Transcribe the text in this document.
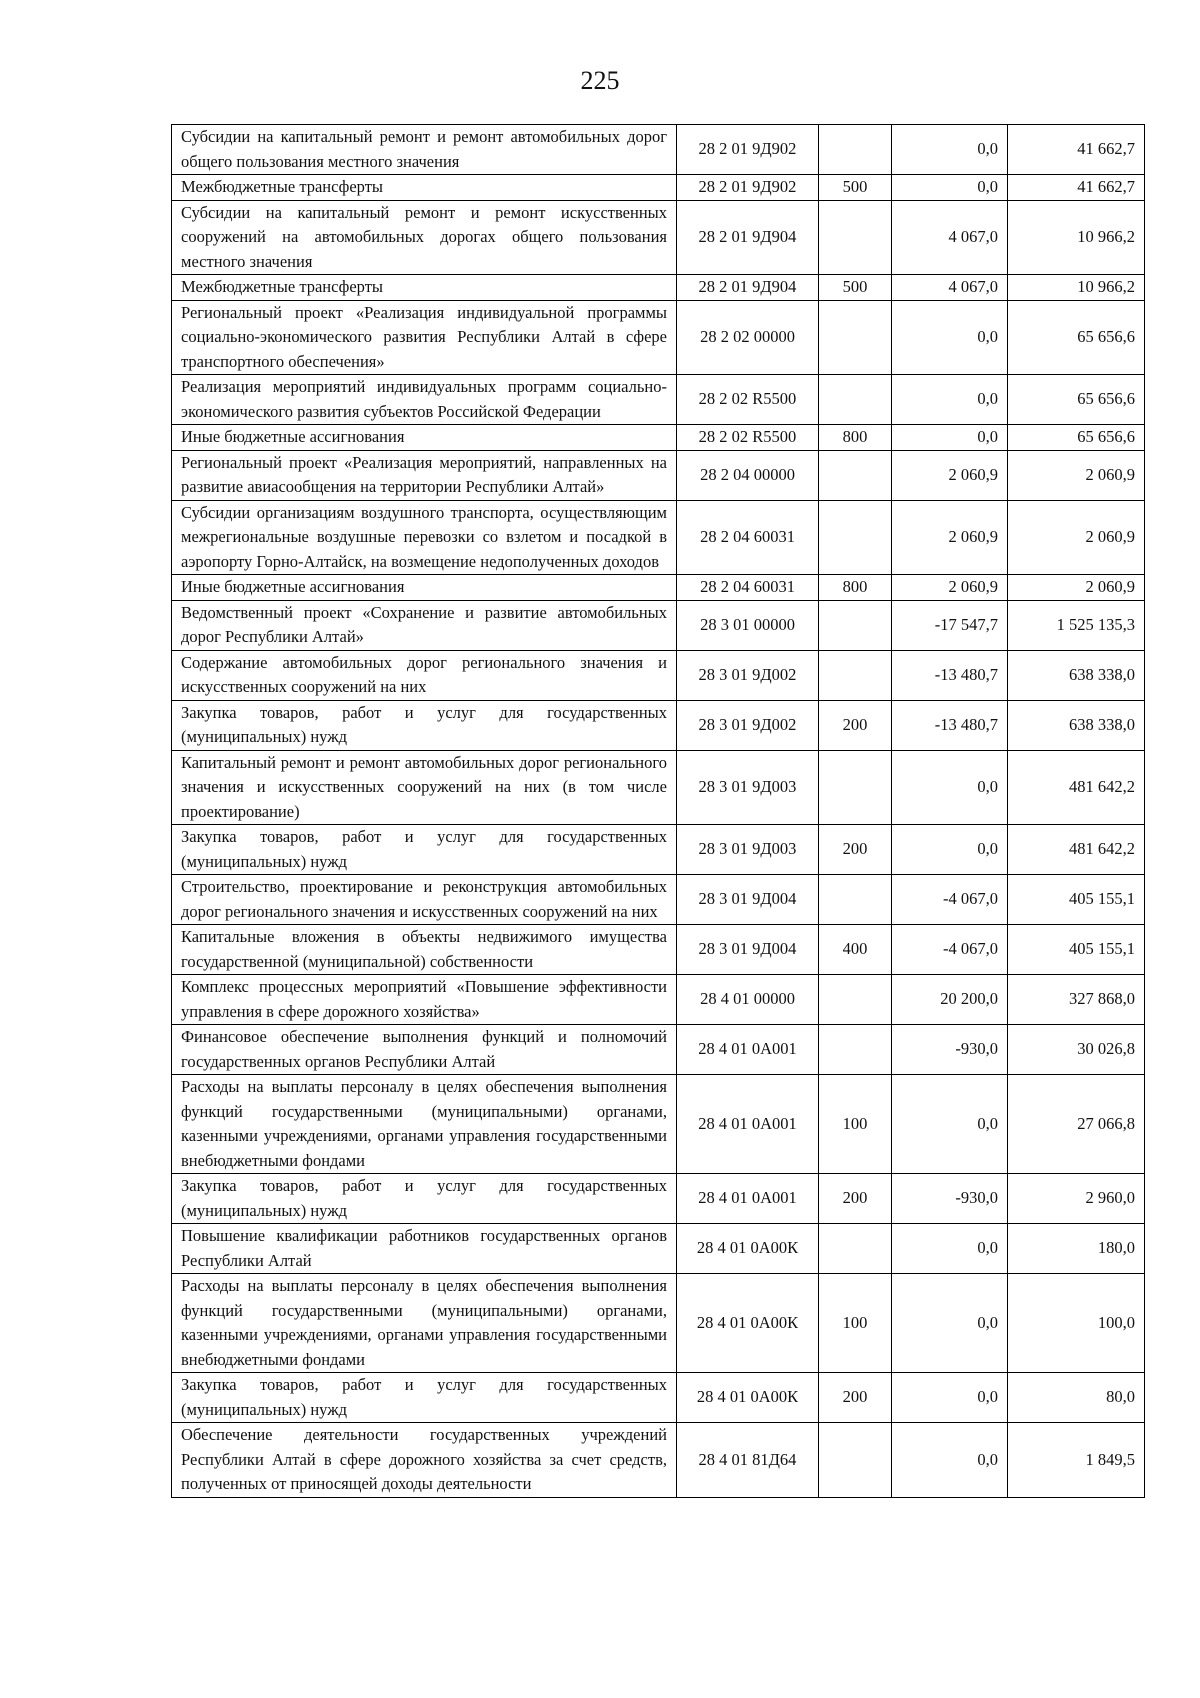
225
Субсидии на капитальный ремонт и ремонт автомобильных дорог общего пользования местного значения	28 2 01 9Д902		0,0	41 662,7
Межбюджетные трансферты	28 2 01 9Д902	500	0,0	41 662,7
Субсидии на капитальный ремонт и ремонт искусственных сооружений на автомобильных дорогах общего пользования местного значения	28 2 01 9Д904		4 067,0	10 966,2
Межбюджетные трансферты	28 2 01 9Д904	500	4 067,0	10 966,2
Региональный проект «Реализация индивидуальной программы социально-экономического развития Республики Алтай в сфере транспортного обеспечения»	28 2 02 00000		0,0	65 656,6
Реализация мероприятий индивидуальных программ социально-экономического развития субъектов Российской Федерации	28 2 02 R5500		0,0	65 656,6
Иные бюджетные ассигнования	28 2 02 R5500	800	0,0	65 656,6
Региональный проект «Реализация мероприятий, направленных на развитие авиасообщения на территории Республики Алтай»	28 2 04 00000		2 060,9	2 060,9
Субсидии организациям воздушного транспорта, осуществляющим межрегиональные воздушные перевозки со взлетом и посадкой в аэропорту Горно-Алтайск, на возмещение недополученных доходов	28 2 04 60031		2 060,9	2 060,9
Иные бюджетные ассигнования	28 2 04 60031	800	2 060,9	2 060,9
Ведомственный проект «Сохранение и развитие автомобильных дорог Республики Алтай»	28 3 01 00000		-17 547,7	1 525 135,3
Содержание автомобильных дорог регионального значения и искусственных сооружений на них	28 3 01 9Д002		-13 480,7	638 338,0
Закупка товаров, работ и услуг для государственных (муниципальных) нужд	28 3 01 9Д002	200	-13 480,7	638 338,0
Капитальный ремонт и ремонт автомобильных дорог регионального значения и искусственных сооружений на них (в том числе проектирование)	28 3 01 9Д003		0,0	481 642,2
Закупка товаров, работ и услуг для государственных (муниципальных) нужд	28 3 01 9Д003	200	0,0	481 642,2
Строительство, проектирование и реконструкция автомобильных дорог регионального значения и искусственных сооружений на них	28 3 01 9Д004		-4 067,0	405 155,1
Капитальные вложения в объекты недвижимого имущества государственной (муниципальной) собственности	28 3 01 9Д004	400	-4 067,0	405 155,1
Комплекс процессных мероприятий «Повышение эффективности управления в сфере дорожного хозяйства»	28 4 01 00000		20 200,0	327 868,0
Финансовое обеспечение выполнения функций и полномочий государственных органов Республики Алтай	28 4 01 0А001		-930,0	30 026,8
Расходы на выплаты персоналу в целях обеспечения выполнения функций государственными (муниципальными) органами, казенными учреждениями, органами управления государственными внебюджетными фондами	28 4 01 0А001	100	0,0	27 066,8
Закупка товаров, работ и услуг для государственных (муниципальных) нужд	28 4 01 0А001	200	-930,0	2 960,0
Повышение квалификации работников государственных органов Республики Алтай	28 4 01 0А00К		0,0	180,0
Расходы на выплаты персоналу в целях обеспечения выполнения функций государственными (муниципальными) органами, казенными учреждениями, органами управления государственными внебюджетными фондами	28 4 01 0А00К	100	0,0	100,0
Закупка товаров, работ и услуг для государственных (муниципальных) нужд	28 4 01 0А00К	200	0,0	80,0
Обеспечение деятельности государственных учреждений Республики Алтай в сфере дорожного хозяйства за счет средств, полученных от приносящей доходы деятельности	28 4 01 81Д64		0,0	1 849,5
